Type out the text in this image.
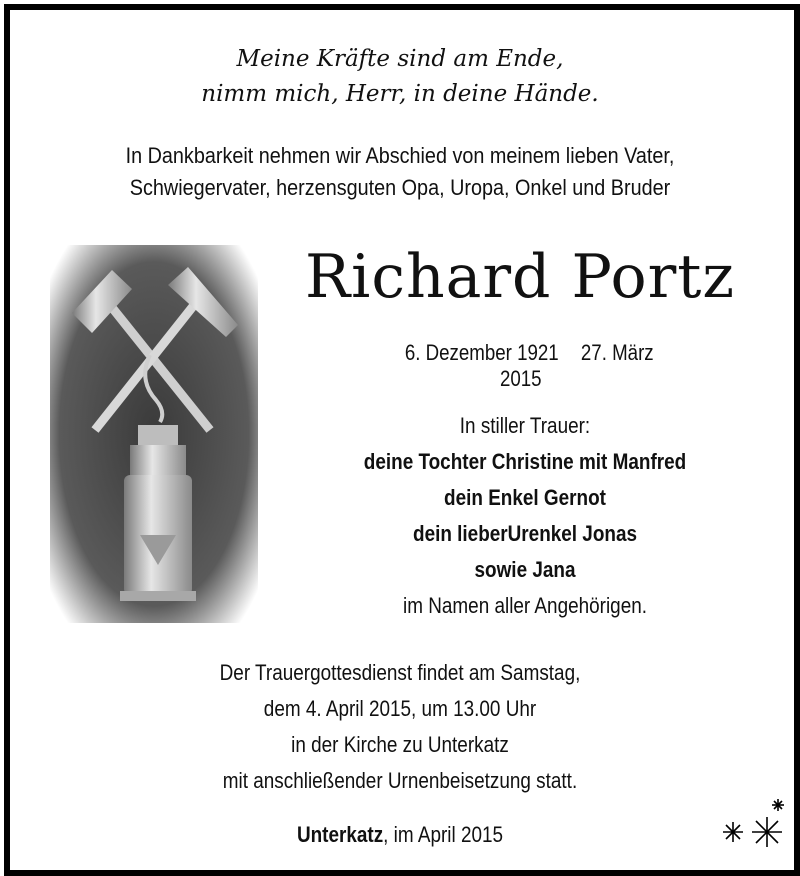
Meine Kräfte sind am Ende,
nimm mich, Herr, in deine Hände.
In Dankbarkeit nehmen wir Abschied von meinem lieben Vater,
Schwiegervater, herzensguten Opa, Uropa, Onkel und Bruder
Richard Portz
6. Dezember 1921 27. März 2015
In stiller Trauer:
deine Tochter Christine mit Manfred
dein Enkel Gernot
dein lieberUrenkel Jonas
sowie Jana
im Namen aller Angehörigen.
Der Trauergottesdienst findet am Samstag,
dem 4. April 2015, um 13.00 Uhr
in der Kirche zu Unterkatz
mit anschließender Urnenbeisetzung statt.
Unterkatz, im April 2015
